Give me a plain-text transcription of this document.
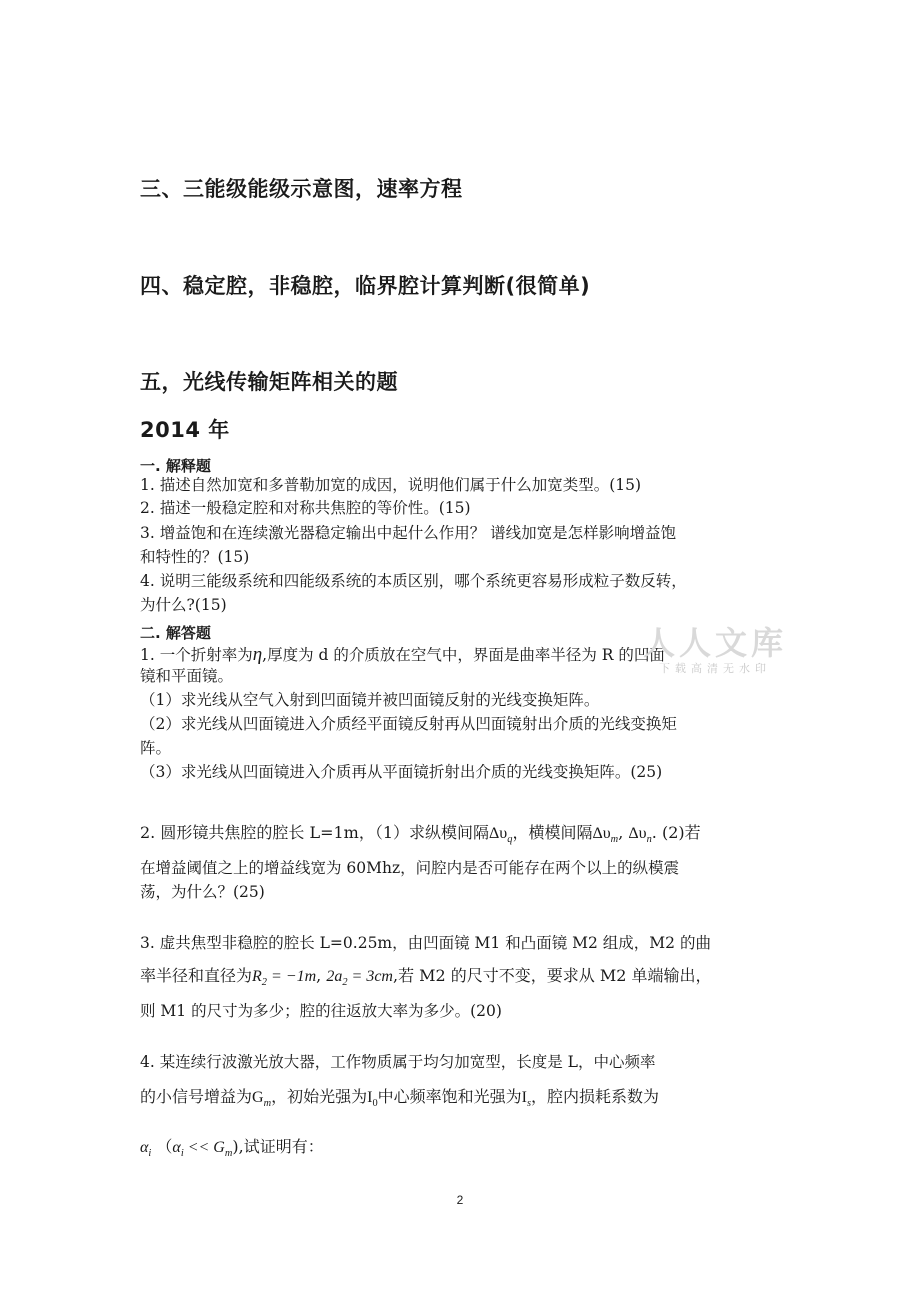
三、三能级能级示意图，速率方程
四、稳定腔，非稳腔，临界腔计算判断(很简单)
五，光线传输矩阵相关的题
2014 年
一. 解释题
1. 描述自然加宽和多普勒加宽的成因，说明他们属于什么加宽类型。(15)
2. 描述一般稳定腔和对称共焦腔的等价性。(15)
3. 增益饱和在连续激光器稳定输出中起什么作用？ 谱线加宽是怎样影响增益饱
和特性的？(15)
4. 说明三能级系统和四能级系统的本质区别，哪个系统更容易形成粒子数反转，
为什么?(15)
二. 解答题
1. 一个折射率为η,厚度为 d 的介质放在空气中，界面是曲率半径为 R 的凹面
镜和平面镜。
（1）求光线从空气入射到凹面镜并被凹面镜反射的光线变换矩阵。
（2）求光线从凹面镜进入介质经平面镜反射再从凹面镜射出介质的光线变换矩
阵。
（3）求光线从凹面镜进入介质再从平面镜折射出介质的光线变换矩阵。(25)
2. 圆形镜共焦腔的腔长 L=1m，（1）求纵模间隔$\Delta\upsilon_q$，横模间隔$\Delta\upsilon_m$, $\Delta\upsilon_n$. (2)若
在增益阈值之上的增益线宽为 60Mhz，问腔内是否可能存在两个以上的纵模震
荡，为什么？(25)
3. 虚共焦型非稳腔的腔长 L=0.25m，由凹面镜 M1 和凸面镜 M2 组成，M2 的曲
率半径和直径为$R_2 = -1m$, $2a_2 = 3cm$,若 M2 的尺寸不变，要求从 M2 单端输出，
则 M1 的尺寸为多少；腔的往返放大率为多少。(20)
4. 某连续行波激光放大器，工作物质属于均匀加宽型，长度是 L，中心频率
的小信号增益为$G_m$，初始光强为$I_0$中心频率饱和光强为$I_s$，腔内损耗系数为
$\alpha_i$ $(\alpha_i << G_m)$,试证明有：
人人文库
下载高清无水印
2
